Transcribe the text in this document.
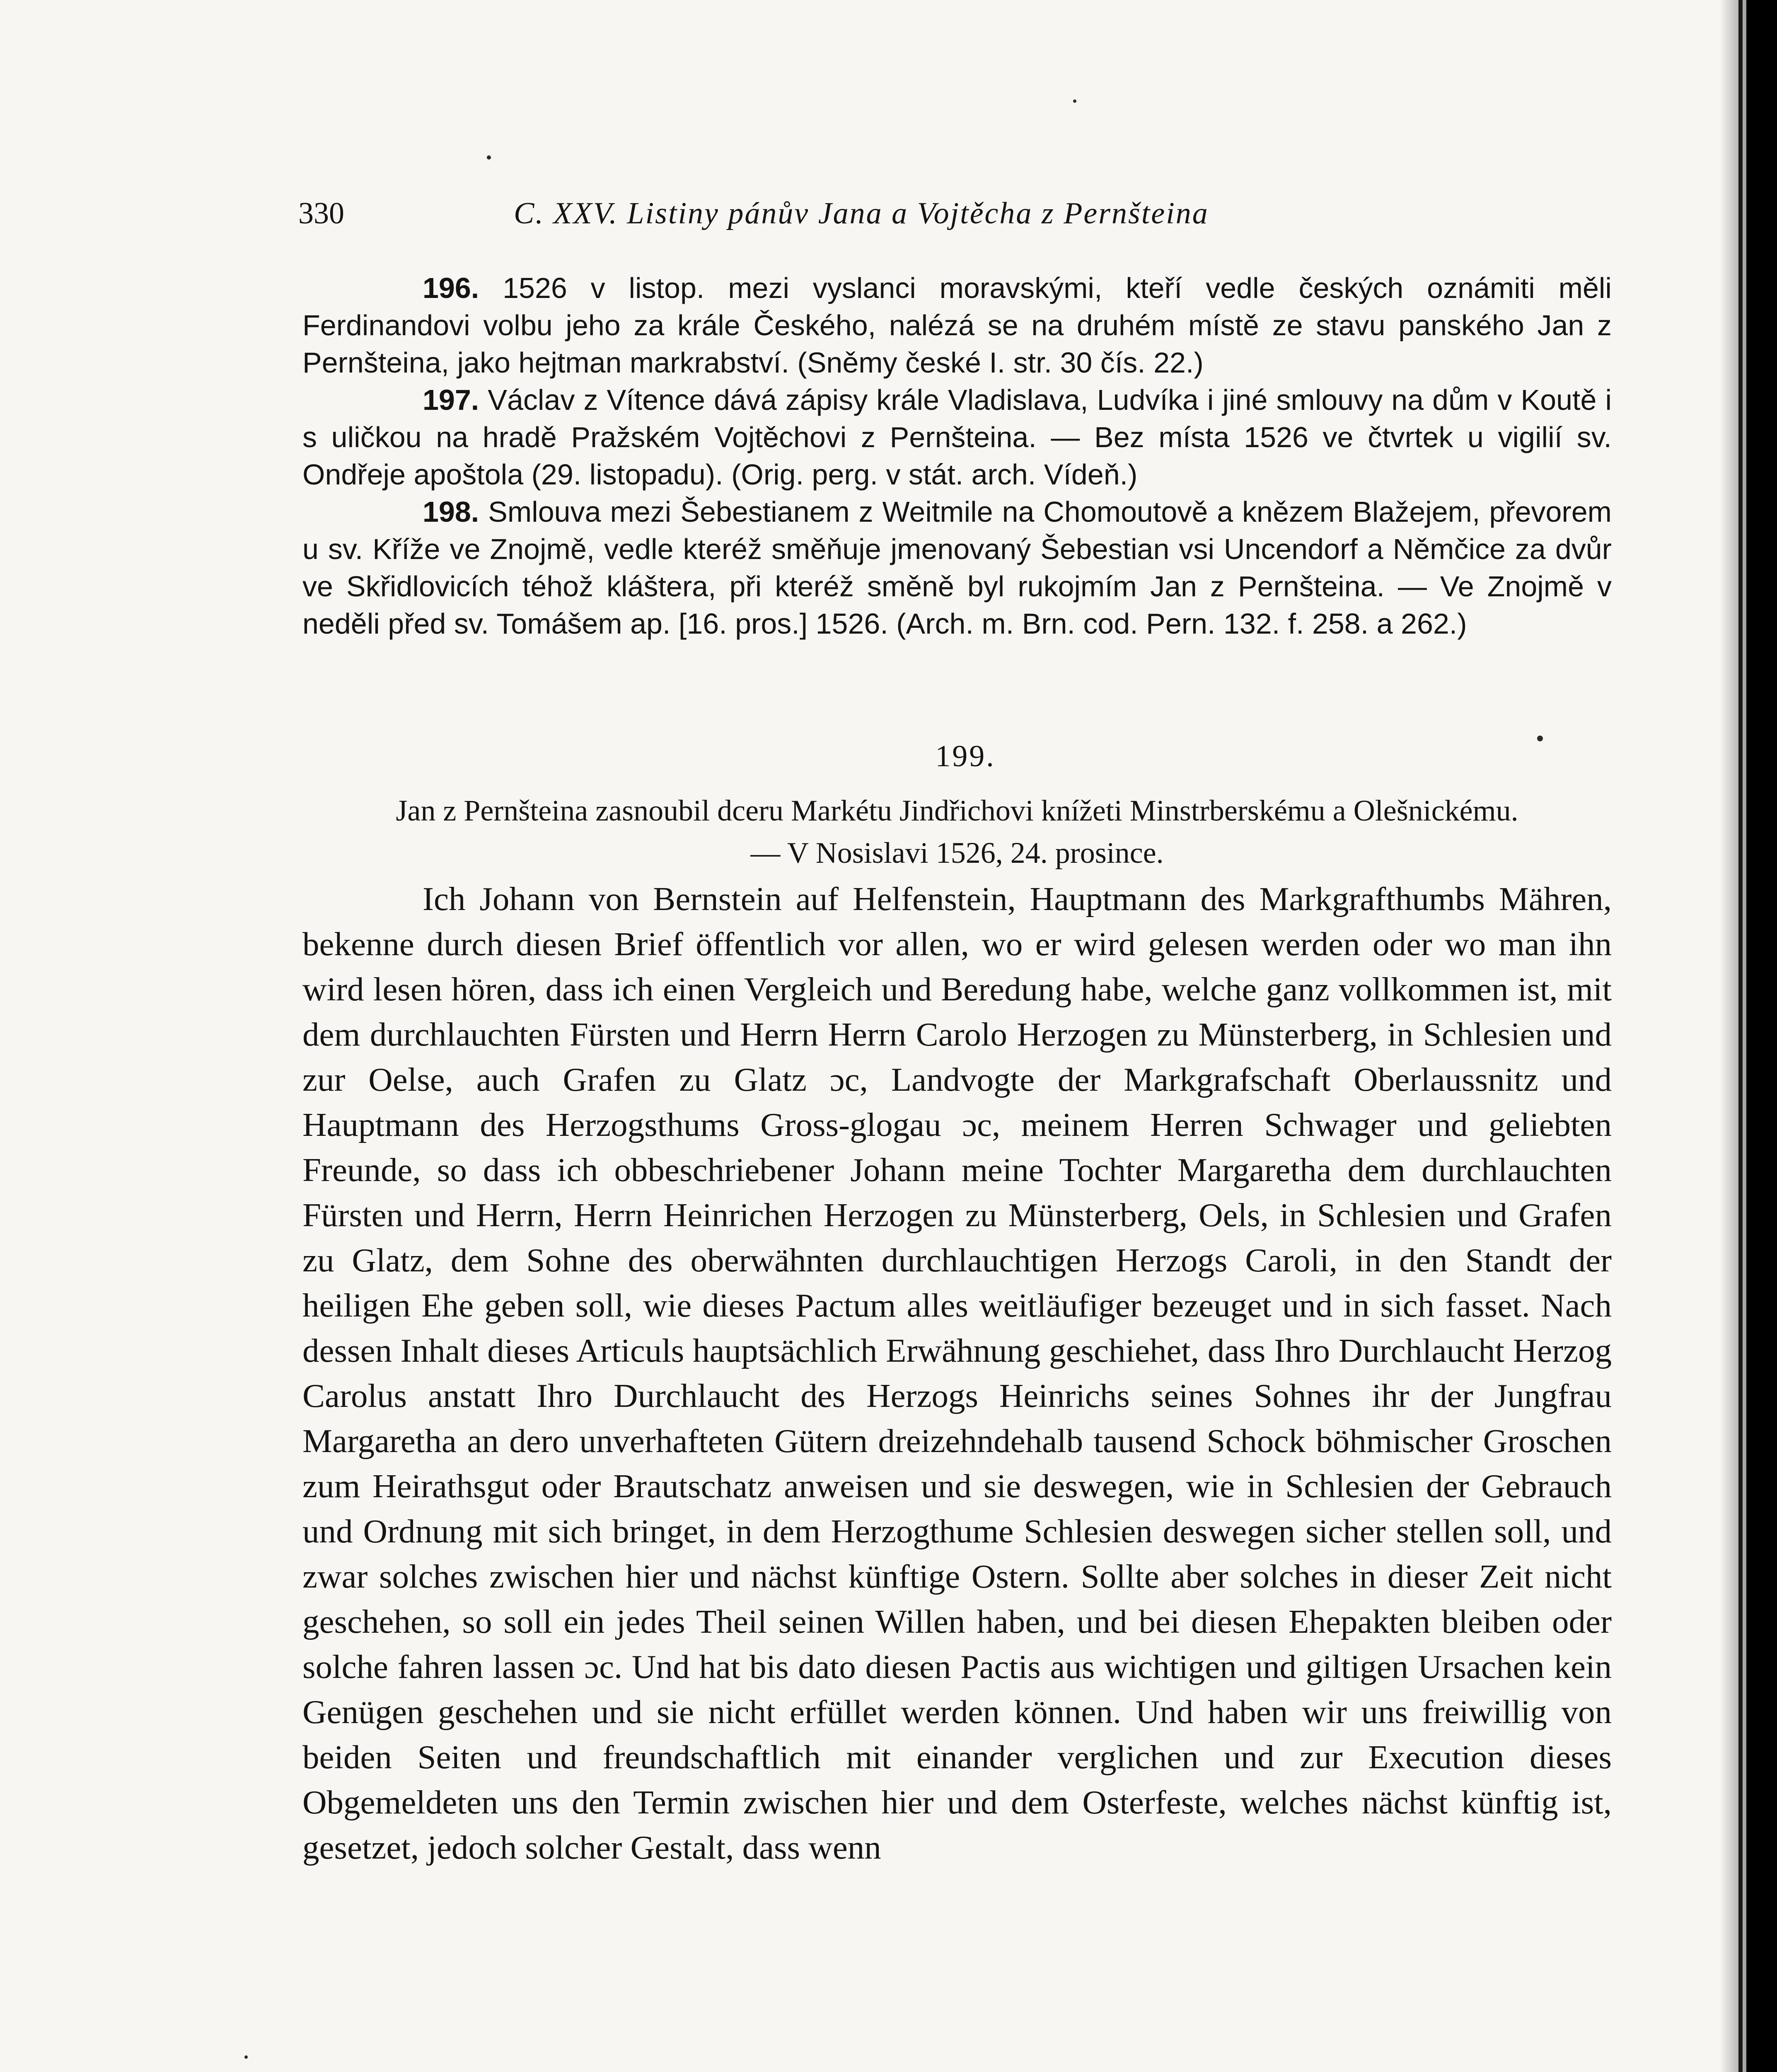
330	C. XXV. Listiny pánův Jana a Vojtěcha z Pernšteina

196. 1526 v listop. mezi vyslanci moravskými, kteří vedle českých oznámiti měli Ferdinandovi volbu jeho za krále Českého, nalézá se na druhém místě ze stavu panského Jan z Pernšteina, jako hejtman markrabství. (Sněmy české I. str. 30 čís. 22.)

197. Václav z Vítence dává zápisy krále Vladislava, Ludvíka i jiné smlouvy na dům v Koutě i s uličkou na hradě Pražském Vojtěchovi z Pernšteina. — Bez místa 1526 ve čtvrtek u vigilií sv. Ondřeje apoštola (29. listopadu). (Orig. perg. v stát. arch. Vídeň.)

198. Smlouva mezi Šebestianem z Weitmile na Chomoutově a knězem Blažejem, převorem u sv. Kříže ve Znojmě, vedle kteréž směňuje jmenovaný Šebestian vsi Uncendorf a Němčice za dvůr ve Skřidlovicích téhož kláštera, při kteréž směně byl rukojmím Jan z Pernšteina. — Ve Znojmě v neděli před sv. Tomášem ap. [16. pros.] 1526. (Arch. m. Brn. cod. Pern. 132. f. 258. a 262.)

199.
Jan z Pernšteina zasnoubil dceru Markétu Jindřichovi knížeti Minstrberskému a Olešnickému.
— V Nosislavi 1526, 24. prosince.

Ich Johann von Bernstein auf Helfenstein, Hauptmann des Markgrafthumbs Mähren, bekenne durch diesen Brief öffentlich vor allen, wo er wird gelesen werden oder wo man ihn wird lesen hören, dass ich einen Vergleich und Beredung habe, welche ganz vollkommen ist, mit dem durchlauchten Fürsten und Herrn Herrn Carolo Herzogen zu Münsterberg, in Schlesien und zur Oelse, auch Grafen zu Glatz ɔc, Landvogte der Markgrafschaft Oberlaussnitz und Hauptmann des Herzogsthums Gross-glogau ɔc, meinem Herren Schwager und geliebten Freunde, so dass ich obbeschriebener Johann meine Tochter Margaretha dem durchlauchten Fürsten und Herrn, Herrn Heinrichen Herzogen zu Münsterberg, Oels, in Schlesien und Grafen zu Glatz, dem Sohne des oberwähnten durchlauchtigen Herzogs Caroli, in den Standt der heiligen Ehe geben soll, wie dieses Pactum alles weitläufiger bezeuget und in sich fasset. Nach dessen Inhalt dieses Articuls hauptsächlich Erwähnung geschiehet, dass Ihro Durchlaucht Herzog Carolus anstatt Ihro Durchlaucht des Herzogs Heinrichs seines Sohnes ihr der Jungfrau Margaretha an dero unverhafteten Gütern dreizehndehalb tausend Schock böhmischer Groschen zum Heirathsgut oder Brautschatz anweisen und sie deswegen, wie in Schlesien der Gebrauch und Ordnung mit sich bringet, in dem Herzogthume Schlesien deswegen sicher stellen soll, und zwar solches zwischen hier und nächst künftige Ostern. Sollte aber solches in dieser Zeit nicht geschehen, so soll ein jedes Theil seinen Willen haben, und bei diesen Ehepakten bleiben oder solche fahren lassen ɔc. Und hat bis dato diesen Pactis aus wichtigen und giltigen Ursachen kein Genügen geschehen und sie nicht erfüllet werden können. Und haben wir uns freiwillig von beiden Seiten und freundschaftlich mit einander verglichen und zur Execution dieses Obgemeldeten uns den Termin zwischen hier und dem Osterfeste, welches nächst künftig ist, gesetzet, jedoch solcher Gestalt, dass wenn
